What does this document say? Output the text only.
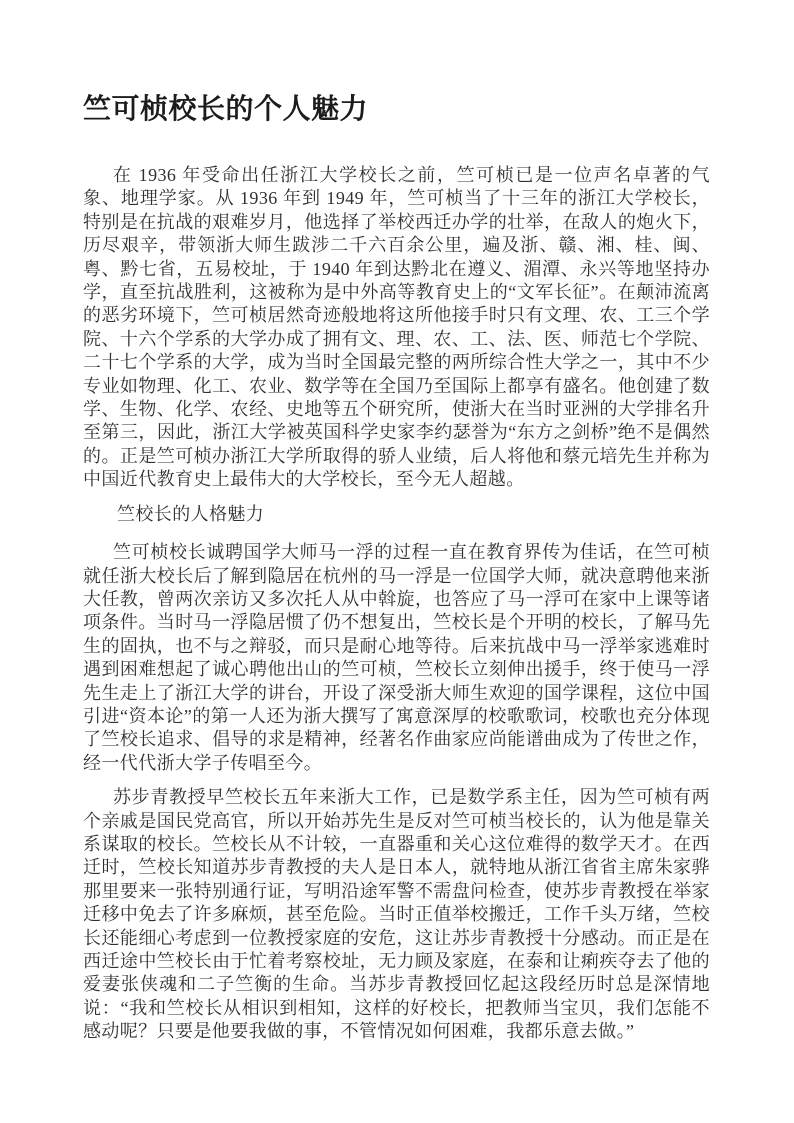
竺可桢校长的个人魅力

在 1936 年受命出任浙江大学校长之前，竺可桢已是一位声名卓著的气象、地理学家。从 1936 年到 1949 年，竺可桢当了十三年的浙江大学校长，特别是在抗战的艰难岁月，他选择了举校西迁办学的壮举，在敌人的炮火下，历尽艰辛，带领浙大师生跋涉二千六百余公里，遍及浙、赣、湘、桂、闽、粤、黔七省，五易校址，于 1940 年到达黔北在遵义、湄潭、永兴等地坚持办学，直至抗战胜利，这被称为是中外高等教育史上的“文军长征”。在颠沛流离的恶劣环境下，竺可桢居然奇迹般地将这所他接手时只有文理、农、工三个学院、十六个学系的大学办成了拥有文、理、农、工、法、医、师范七个学院、二十七个学系的大学，成为当时全国最完整的两所综合性大学之一，其中不少专业如物理、化工、农业、数学等在全国乃至国际上都享有盛名。他创建了数学、生物、化学、农经、史地等五个研究所，使浙大在当时亚洲的大学排名升至第三，因此，浙江大学被英国科学史家李约瑟誉为“东方之剑桥”绝不是偶然的。正是竺可桢办浙江大学所取得的骄人业绩，后人将他和蔡元培先生并称为中国近代教育史上最伟大的大学校长，至今无人超越。

竺校长的人格魅力

竺可桢校长诚聘国学大师马一浮的过程一直在教育界传为佳话，在竺可桢就任浙大校长后了解到隐居在杭州的马一浮是一位国学大师，就决意聘他来浙大任教，曾两次亲访又多次托人从中斡旋，也答应了马一浮可在家中上课等诸项条件。当时马一浮隐居惯了仍不想复出，竺校长是个开明的校长，了解马先生的固执，也不与之辩驳，而只是耐心地等待。后来抗战中马一浮举家逃难时遇到困难想起了诚心聘他出山的竺可桢，竺校长立刻伸出援手，终于使马一浮先生走上了浙江大学的讲台，开设了深受浙大师生欢迎的国学课程，这位中国引进“资本论”的第一人还为浙大撰写了寓意深厚的校歌歌词，校歌也充分体现了竺校长追求、倡导的求是精神，经著名作曲家应尚能谱曲成为了传世之作，经一代代浙大学子传唱至今。

苏步青教授早竺校长五年来浙大工作，已是数学系主任，因为竺可桢有两个亲戚是国民党高官，所以开始苏先生是反对竺可桢当校长的，认为他是靠关系谋取的校长。竺校长从不计较，一直器重和关心这位难得的数学天才。在西迁时，竺校长知道苏步青教授的夫人是日本人，就特地从浙江省省主席朱家骅那里要来一张特别通行证，写明沿途军警不需盘问检查，使苏步青教授在举家迁移中免去了许多麻烦，甚至危险。当时正值举校搬迁，工作千头万绪，竺校长还能细心考虑到一位教授家庭的安危，这让苏步青教授十分感动。而正是在西迁途中竺校长由于忙着考察校址，无力顾及家庭，在泰和让痢疾夺去了他的爱妻张侠魂和二子竺衡的生命。当苏步青教授回忆起这段经历时总是深情地说：“我和竺校长从相识到相知，这样的好校长，把教师当宝贝，我们怎能不感动呢？只要是他要我做的事，不管情况如何困难，我都乐意去做。”
